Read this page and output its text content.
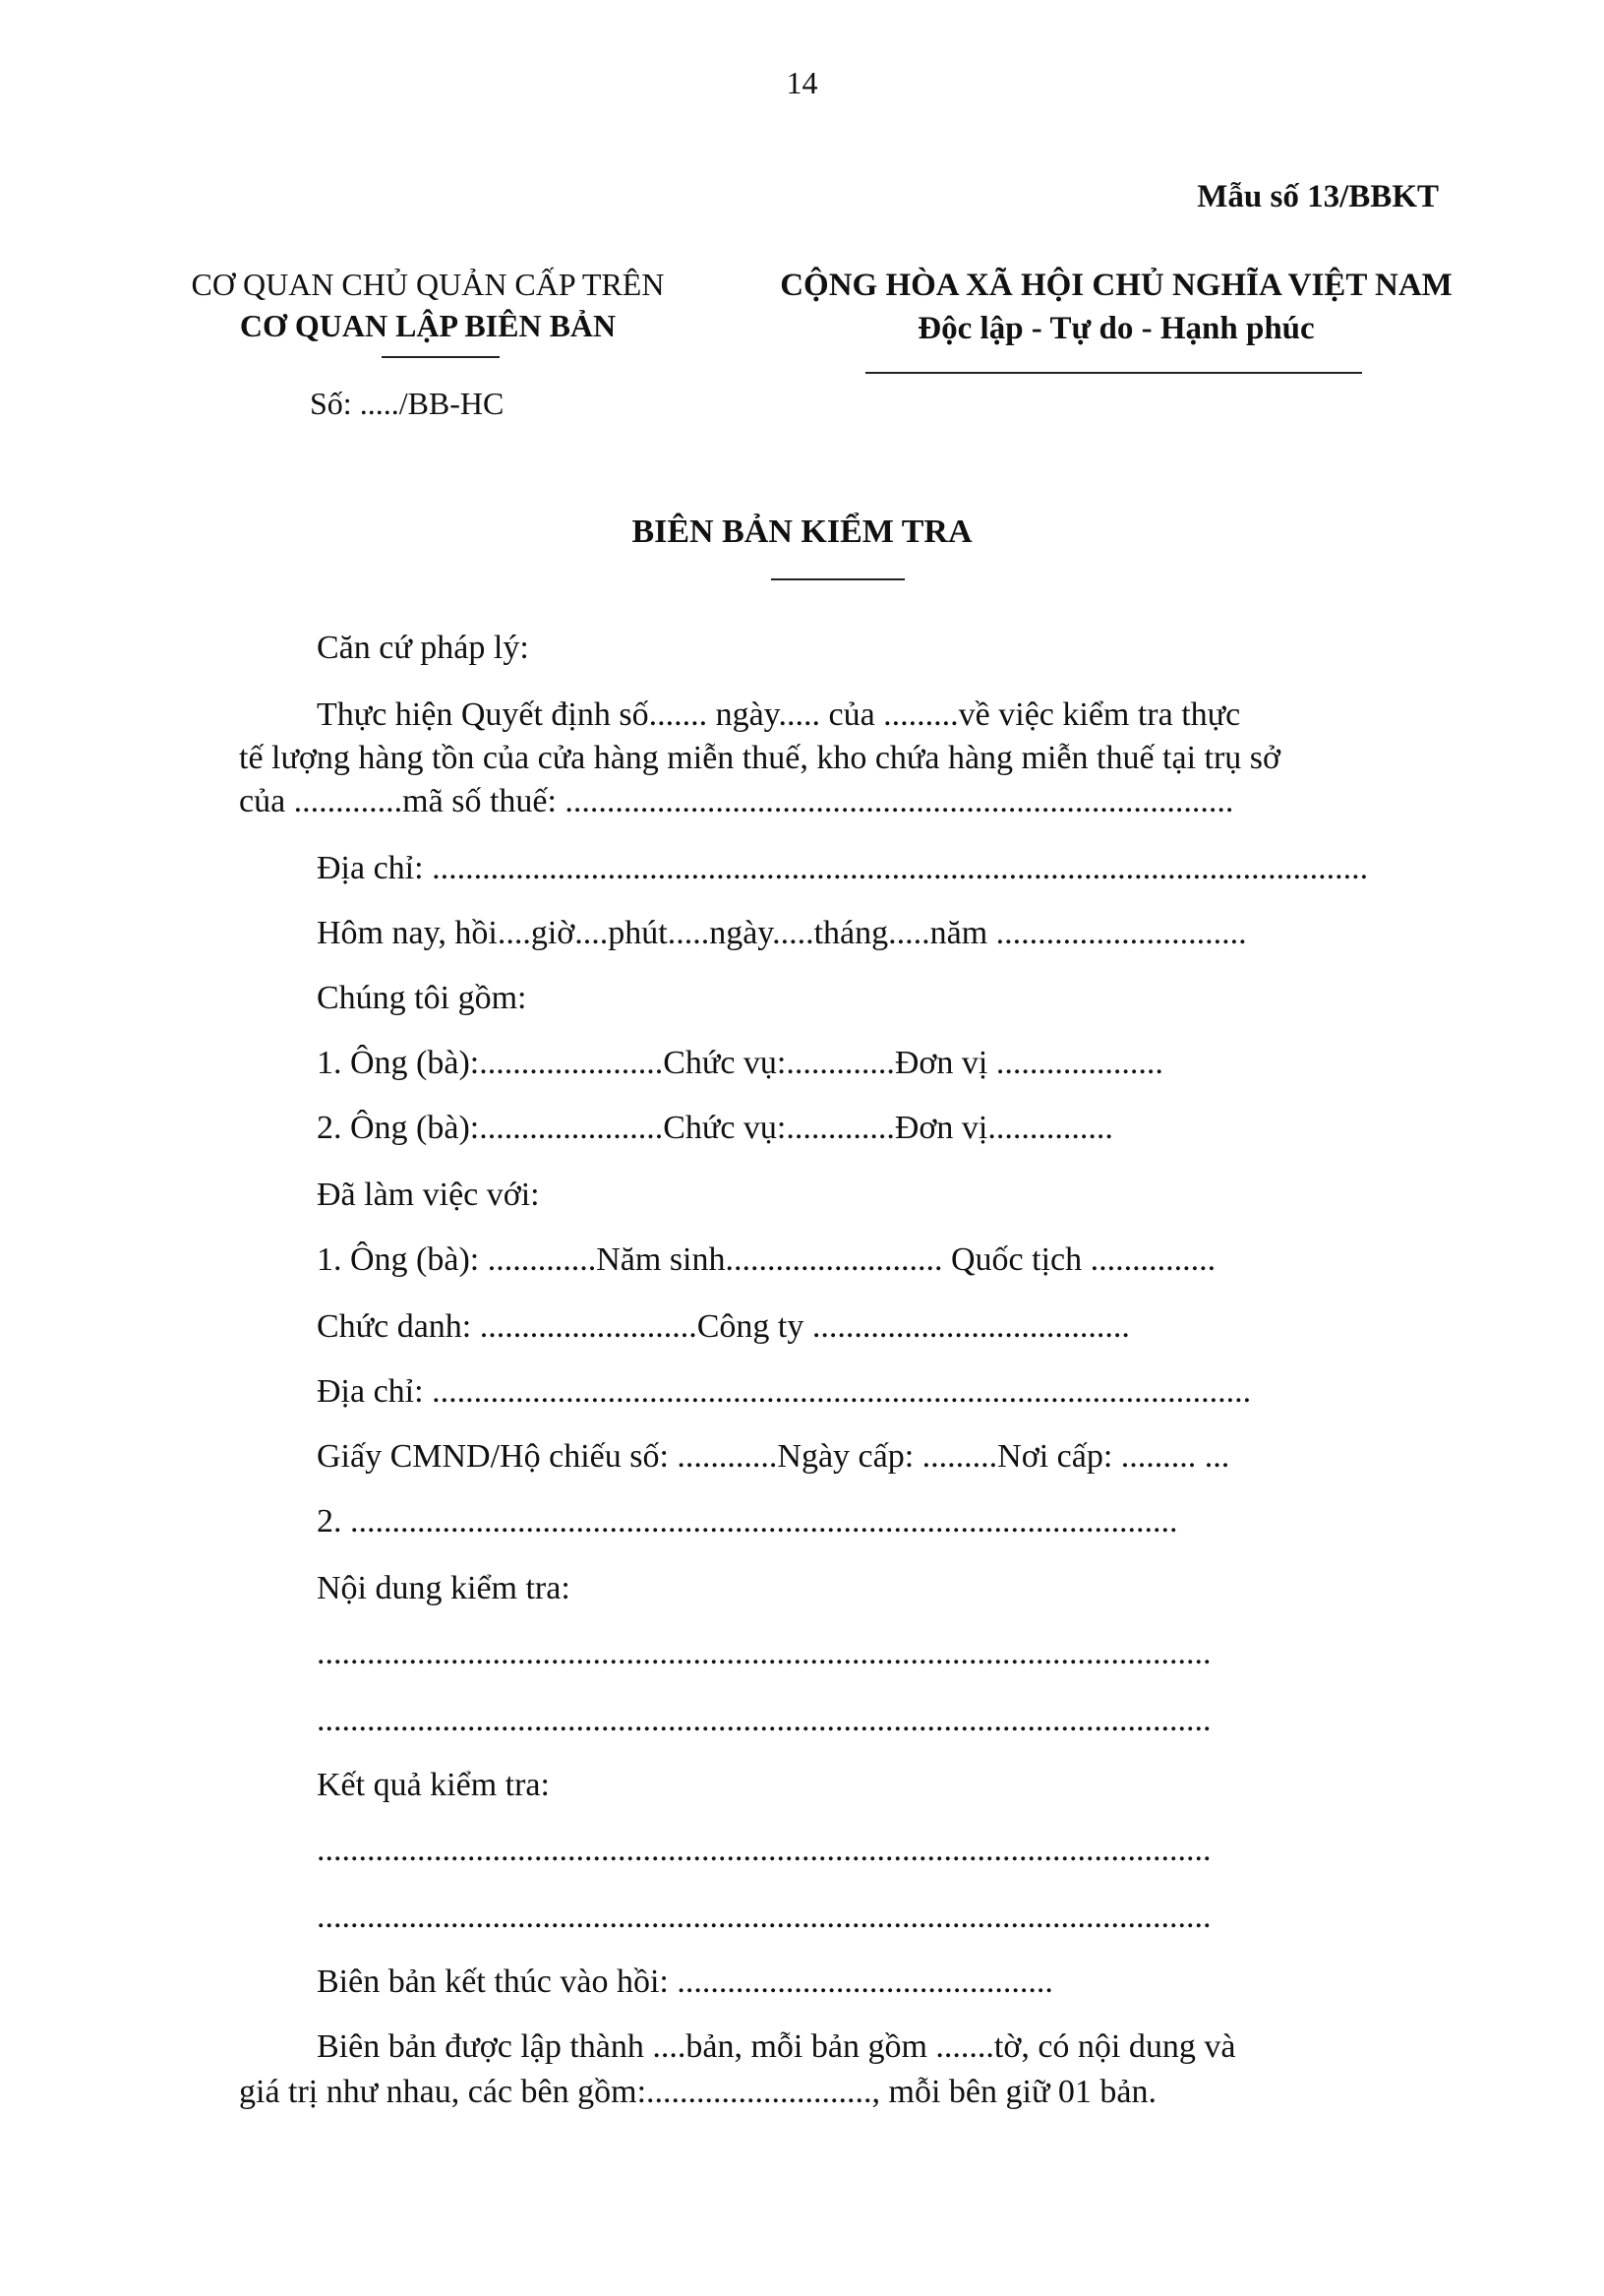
14
Mẫu số 13/BBKT
CƠ QUAN CHỦ QUẢN CẤP TRÊN
CƠ QUAN LẬP BIÊN BẢN
Số: ...../BB-HC
CỘNG HÒA XÃ HỘI CHỦ NGHĨA VIỆT NAM
Độc lập - Tự do - Hạnh phúc
BIÊN BẢN KIỂM TRA
Căn cứ pháp lý:
Thực hiện Quyết định số....... ngày..... của .........về việc kiểm tra thực
tế lượng hàng tồn của cửa hàng miễn thuế, kho chứa hàng miễn thuế tại trụ sở
của .............mã số thuế: ................................................................................
Địa chỉ: ................................................................................................................
Hôm nay, hồi....giờ....phút.....ngày.....tháng.....năm ..............................
Chúng tôi gồm:
1. Ông (bà):......................Chức vụ:.............Đơn vị ....................
2. Ông (bà):......................Chức vụ:.............Đơn vị...............
Đã làm việc với:
1. Ông (bà): .............Năm sinh.......................... Quốc tịch ...............
Chức danh: ..........................Công ty ......................................
Địa chỉ: ..................................................................................................
Giấy CMND/Hộ chiếu số: ............Ngày cấp: .........Nơi cấp: ......... ...
2. ...................................................................................................
Nội dung kiểm tra:
...........................................................................................................
...........................................................................................................
Kết quả kiểm tra:
...........................................................................................................
...........................................................................................................
Biên bản kết thúc vào hồi: .............................................
Biên bản được lập thành ....bản, mỗi bản gồm .......tờ, có nội dung và
giá trị như nhau, các bên gồm:..........................., mỗi bên giữ 01 bản.
